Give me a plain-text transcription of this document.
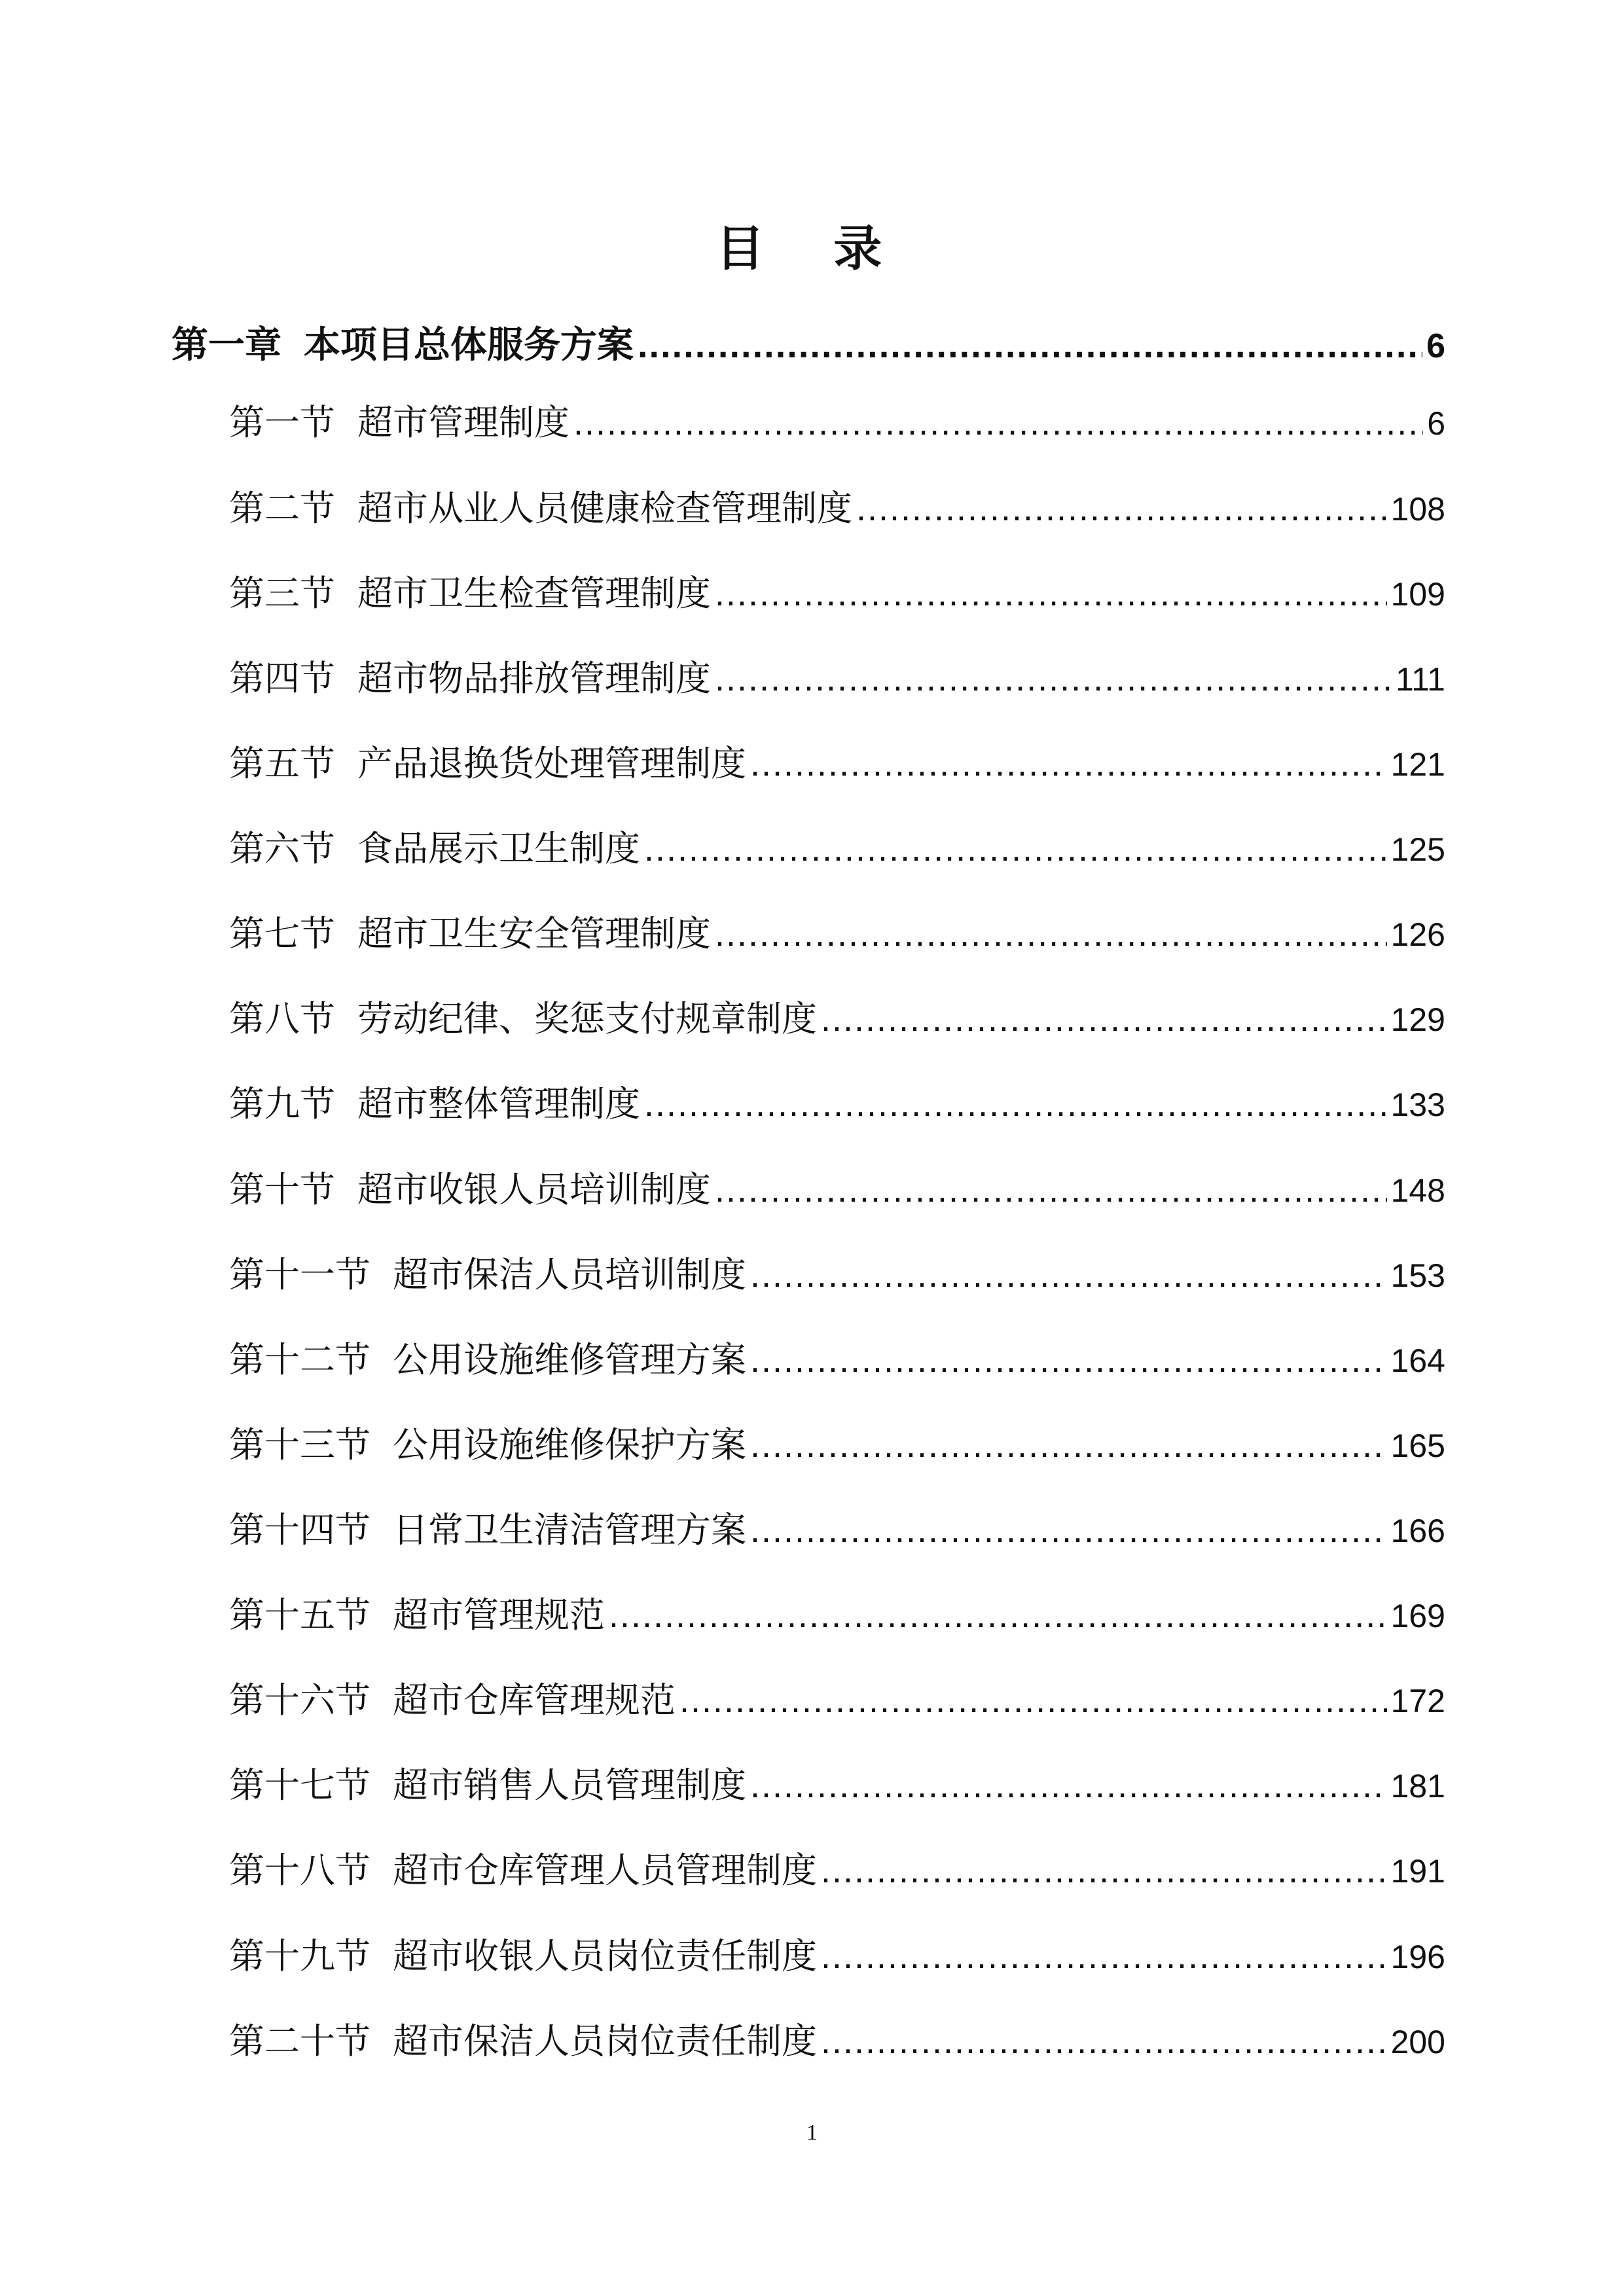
目 录
第一章 本项目总体服务方案 .....	6
第一节 超市管理制度 .....	6
第二节 超市从业人员健康检查管理制度 .....	108
第三节 超市卫生检查管理制度 .....	109
第四节 超市物品排放管理制度 .....	111
第五节 产品退换货处理管理制度 .....	121
第六节 食品展示卫生制度 .....	125
第七节 超市卫生安全管理制度 .....	126
第八节 劳动纪律、奖惩支付规章制度 .....	129
第九节 超市整体管理制度 .....	133
第十节 超市收银人员培训制度 .....	148
第十一节 超市保洁人员培训制度 .....	153
第十二节 公用设施维修管理方案 .....	164
第十三节 公用设施维修保护方案 .....	165
第十四节 日常卫生清洁管理方案 .....	166
第十五节 超市管理规范 .....	169
第十六节 超市仓库管理规范 .....	172
第十七节 超市销售人员管理制度 .....	181
第十八节 超市仓库管理人员管理制度 .....	191
第十九节 超市收银人员岗位责任制度 .....	196
第二十节 超市保洁人员岗位责任制度 .....	200
1
